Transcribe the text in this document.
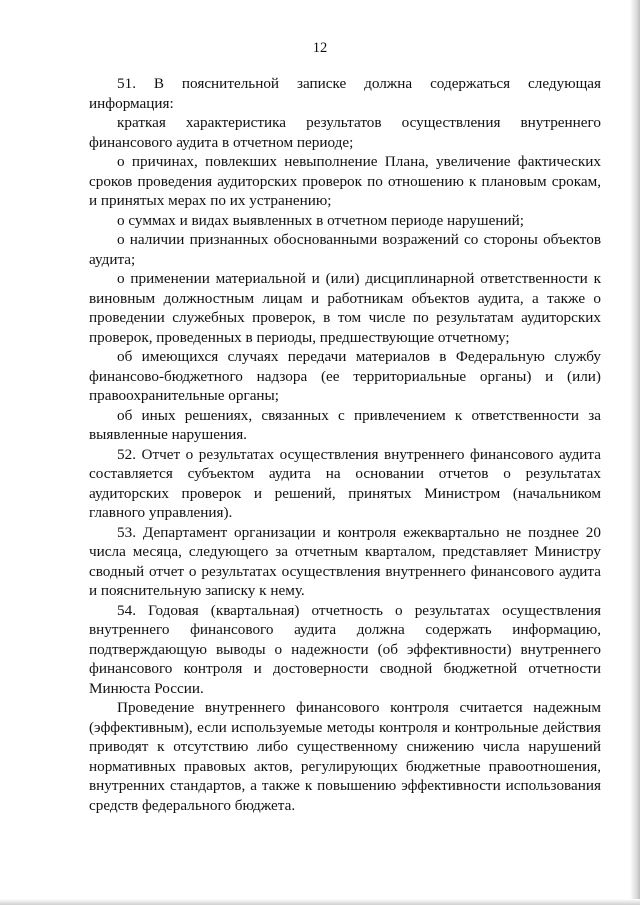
12

51. В пояснительной записке должна содержаться следующая информация:

краткая характеристика результатов осуществления внутреннего финансового аудита в отчетном периоде;

о причинах, повлекших невыполнение Плана, увеличение фактических сроков проведения аудиторских проверок по отношению к плановым срокам, и принятых мерах по их устранению;

о суммах и видах выявленных в отчетном периоде нарушений;

о наличии признанных обоснованными возражений со стороны объектов аудита;

о применении материальной и (или) дисциплинарной ответственности к виновным должностным лицам и работникам объектов аудита, а также о проведении служебных проверок, в том числе по результатам аудиторских проверок, проведенных в периоды, предшествующие отчетному;

об имеющихся случаях передачи материалов в Федеральную службу финансово-бюджетного надзора (ее территориальные органы) и (или) правоохранительные органы;

об иных решениях, связанных с привлечением к ответственности за выявленные нарушения.

52. Отчет о результатах осуществления внутреннего финансового аудита составляется субъектом аудита на основании отчетов о результатах аудиторских проверок и решений, принятых Министром (начальником главного управления).

53. Департамент организации и контроля ежеквартально не позднее 20 числа месяца, следующего за отчетным кварталом, представляет Министру сводный отчет о результатах осуществления внутреннего финансового аудита и пояснительную записку к нему.

54. Годовая (квартальная) отчетность о результатах осуществления внутреннего финансового аудита должна содержать информацию, подтверждающую выводы о надежности (об эффективности) внутреннего финансового контроля и достоверности сводной бюджетной отчетности Минюста России.

Проведение внутреннего финансового контроля считается надежным (эффективным), если используемые методы контроля и контрольные действия приводят к отсутствию либо существенному снижению числа нарушений нормативных правовых актов, регулирующих бюджетные правоотношения, внутренних стандартов, а также к повышению эффективности использования средств федерального бюджета.
